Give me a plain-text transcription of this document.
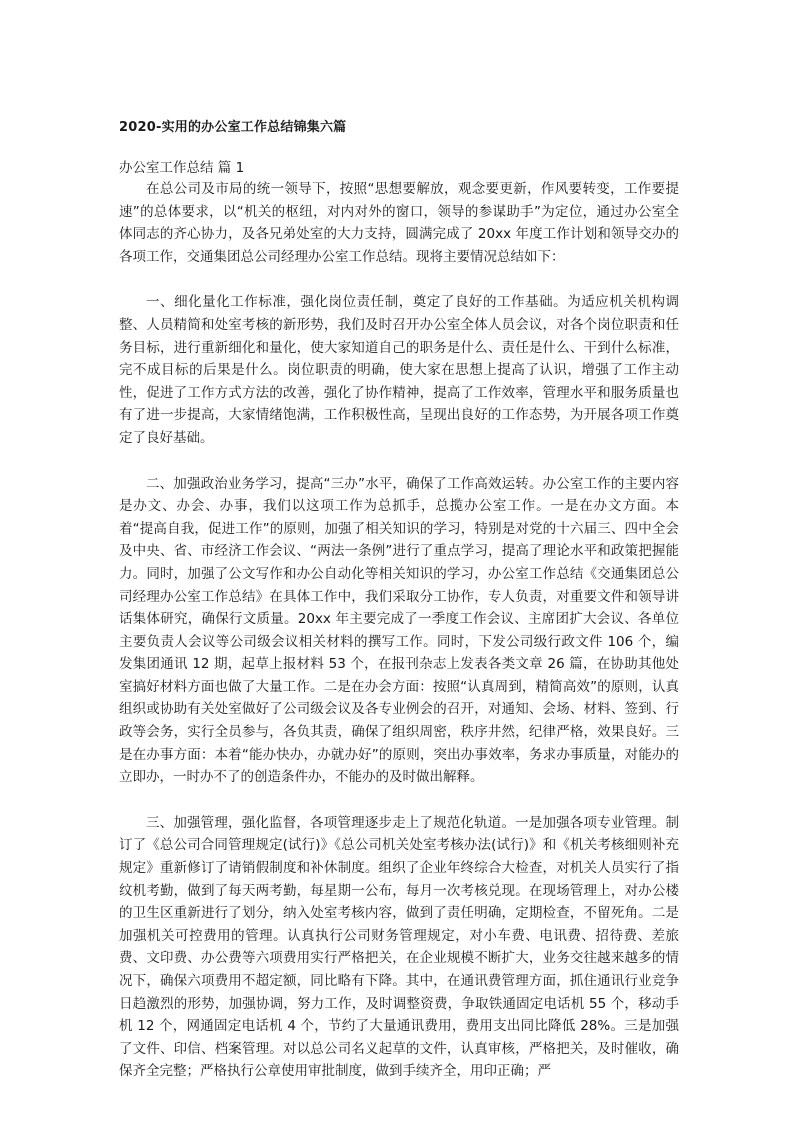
2020-实用的办公室工作总结锦集六篇

办公室工作总结 篇 1

在总公司及市局的统一领导下，按照“思想要解放，观念要更新，作风要转变，工作要提速”的总体要求，以“机关的枢纽，对内对外的窗口，领导的参谋助手”为定位，通过办公室全体同志的齐心协力，及各兄弟处室的大力支持，圆满完成了 20xx 年度工作计划和领导交办的各项工作，交通集团总公司经理办公室工作总结。现将主要情况总结如下：

一、细化量化工作标准，强化岗位责任制，奠定了良好的工作基础。为适应机关机构调整、人员精简和处室考核的新形势，我们及时召开办公室全体人员会议，对各个岗位职责和任务目标，进行重新细化和量化，使大家知道自己的职务是什么、责任是什么、干到什么标准，完不成目标的后果是什么。岗位职责的明确，使大家在思想上提高了认识，增强了工作主动性，促进了工作方式方法的改善，强化了协作精神，提高了工作效率，管理水平和服务质量也有了进一步提高，大家情绪饱满，工作积极性高，呈现出良好的工作态势，为开展各项工作奠定了良好基础。

二、加强政治业务学习，提高“三办”水平，确保了工作高效运转。办公室工作的主要内容是办文、办会、办事，我们以这项工作为总抓手，总揽办公室工作。一是在办文方面。本着“提高自我，促进工作”的原则，加强了相关知识的学习，特别是对党的十六届三、四中全会及中央、省、市经济工作会议、“两法一条例”进行了重点学习，提高了理论水平和政策把握能力。同时，加强了公文写作和办公自动化等相关知识的学习，办公室工作总结《交通集团总公司经理办公室工作总结》在具体工作中，我们采取分工协作，专人负责，对重要文件和领导讲话集体研究，确保行文质量。20xx 年主要完成了一季度工作会议、主席团扩大会议、各单位主要负责人会议等公司级会议相关材料的撰写工作。同时，下发公司级行政文件 106 个，编发集团通讯 12 期，起草上报材料 53 个，在报刊杂志上发表各类文章 26 篇，在协助其他处室搞好材料方面也做了大量工作。二是在办会方面：按照“认真周到，精简高效”的原则，认真组织或协助有关处室做好了公司级会议及各专业例会的召开，对通知、会场、材料、签到、行政等会务，实行全员参与，各负其责，确保了组织周密，秩序井然，纪律严格，效果良好。三是在办事方面：本着“能办快办，办就办好”的原则，突出办事效率，务求办事质量，对能办的立即办，一时办不了的创造条件办，不能办的及时做出解释。

三、加强管理，强化监督，各项管理逐步走上了规范化轨道。一是加强各项专业管理。制订了《总公司合同管理规定(试行)》《总公司机关处室考核办法(试行)》和《机关考核细则补充规定》重新修订了请销假制度和补休制度。组织了企业年终综合大检查，对机关人员实行了指纹机考勤，做到了每天两考勤，每星期一公布，每月一次考核兑现。在现场管理上，对办公楼的卫生区重新进行了划分，纳入处室考核内容，做到了责任明确，定期检查，不留死角。二是加强机关可控费用的管理。认真执行公司财务管理规定，对小车费、电讯费、招待费、差旅费、文印费、办公费等六项费用实行严格把关，在企业规模不断扩大，业务交往越来越多的情况下，确保六项费用不超定额，同比略有下降。其中，在通讯费管理方面，抓住通讯行业竞争日趋激烈的形势，加强协调，努力工作，及时调整资费，争取铁通固定电话机 55 个，移动手机 12 个，网通固定电话机 4 个，节约了大量通讯费用，费用支出同比降低 28%。三是加强了文件、印信、档案管理。对以总公司名义起草的文件，认真审核，严格把关，及时催收，确保齐全完整；严格执行公章使用审批制度，做到手续齐全，用印正确；严
